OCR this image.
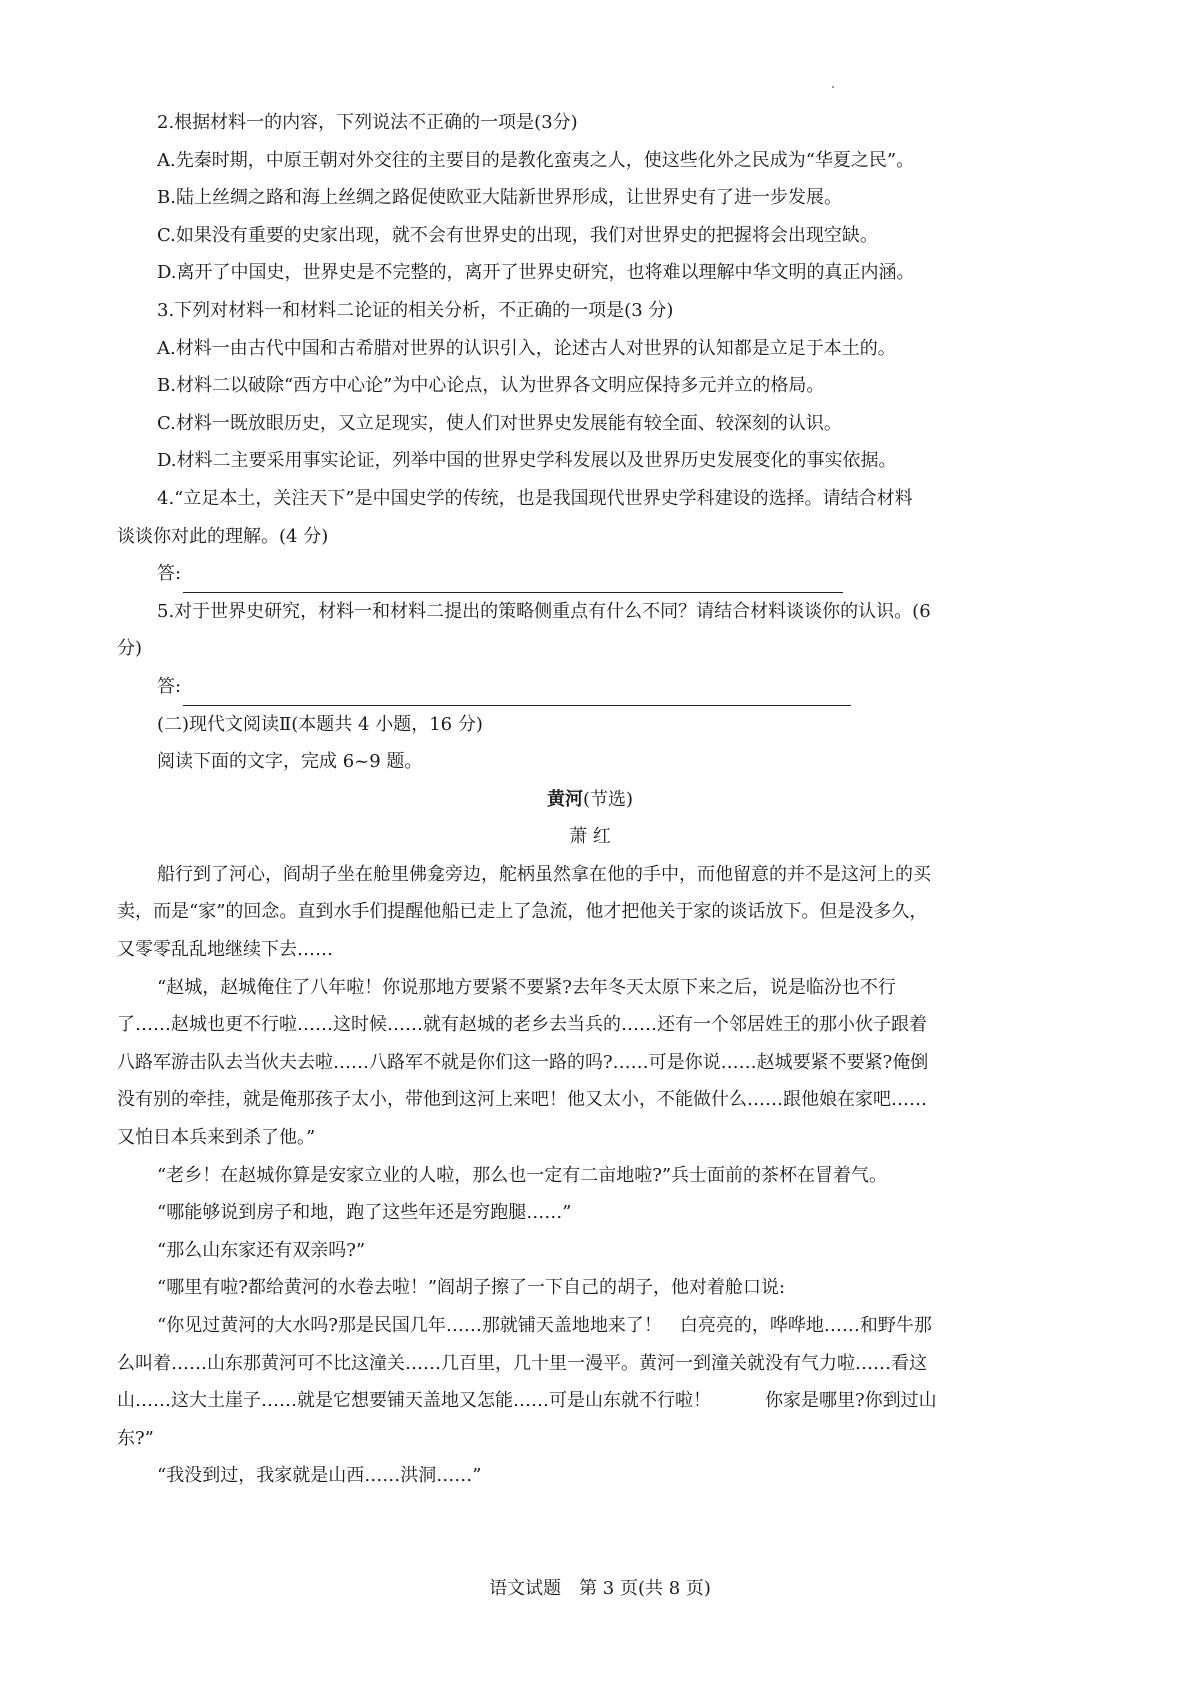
2.根据材料一的内容，下列说法不正确的一项是(3分)
A.先秦时期，中原王朝对外交往的主要目的是教化蛮夷之人，使这些化外之民成为“华夏之民”。
B.陆上丝绸之路和海上丝绸之路促使欧亚大陆新世界形成，让世界史有了进一步发展。
C.如果没有重要的史家出现，就不会有世界史的出现，我们对世界史的把握将会出现空缺。
D.离开了中国史，世界史是不完整的，离开了世界史研究，也将难以理解中华文明的真正内涵。
3.下列对材料一和材料二论证的相关分析，不正确的一项是(3 分)
A.材料一由古代中国和古希腊对世界的认识引入，论述古人对世界的认知都是立足于本土的。
B.材料二以破除“西方中心论”为中心论点，认为世界各文明应保持多元并立的格局。
C.材料一既放眼历史，又立足现实，使人们对世界史发展能有较全面、较深刻的认识。
D.材料二主要采用事实论证，列举中国的世界史学科发展以及世界历史发展变化的事实依据。
4.“立足本土，关注天下”是中国史学的传统，也是我国现代世界史学科建设的选择。请结合材料
谈谈你对此的理解。(4 分)
答:
5.对于世界史研究，材料一和材料二提出的策略侧重点有什么不同？请结合材料谈谈你的认识。(6
分)
答:
(二)现代文阅读Ⅱ(本题共 4 小题，16 分)
阅读下面的文字，完成 6~9 题。
黄河(节选)
萧 红
船行到了河心，阎胡子坐在舱里佛龛旁边，舵柄虽然拿在他的手中，而他留意的并不是这河上的买
卖，而是“家”的回念。直到水手们提醒他船已走上了急流，他才把他关于家的谈话放下。但是没多久，
又零零乱乱地继续下去……
“赵城，赵城俺住了八年啦！你说那地方要紧不要紧?去年冬天太原下来之后，说是临汾也不行
了……赵城也更不行啦……这时候……就有赵城的老乡去当兵的……还有一个邻居姓王的那小伙子跟着
八路军游击队去当伙夫去啦……八路军不就是你们这一路的吗?……可是你说……赵城要紧不要紧?俺倒
没有别的牵挂，就是俺那孩子太小，带他到这河上来吧！他又太小，不能做什么……跟他娘在家吧……
又怕日本兵来到杀了他。”
“老乡！在赵城你算是安家立业的人啦，那么也一定有二亩地啦?”兵士面前的茶杯在冒着气。
“哪能够说到房子和地，跑了这些年还是穷跑腿……”
“那么山东家还有双亲吗?”
“哪里有啦?都给黄河的水卷去啦！”阎胡子擦了一下自己的胡子，他对着舱口说:
“你见过黄河的大水吗?那是民国几年……那就铺天盖地地来了！　白亮亮的，哗哗地……和野牛那
么叫着……山东那黄河可不比这潼关……几百里，几十里一漫平。黄河一到潼关就没有气力啦……看这
山……这大土崖子……就是它想要铺天盖地又怎能……可是山东就不行啦！　　　你家是哪里?你到过山
东?”
“我没到过，我家就是山西……洪洞……”
语文试题　第 3 页(共 8 页)
